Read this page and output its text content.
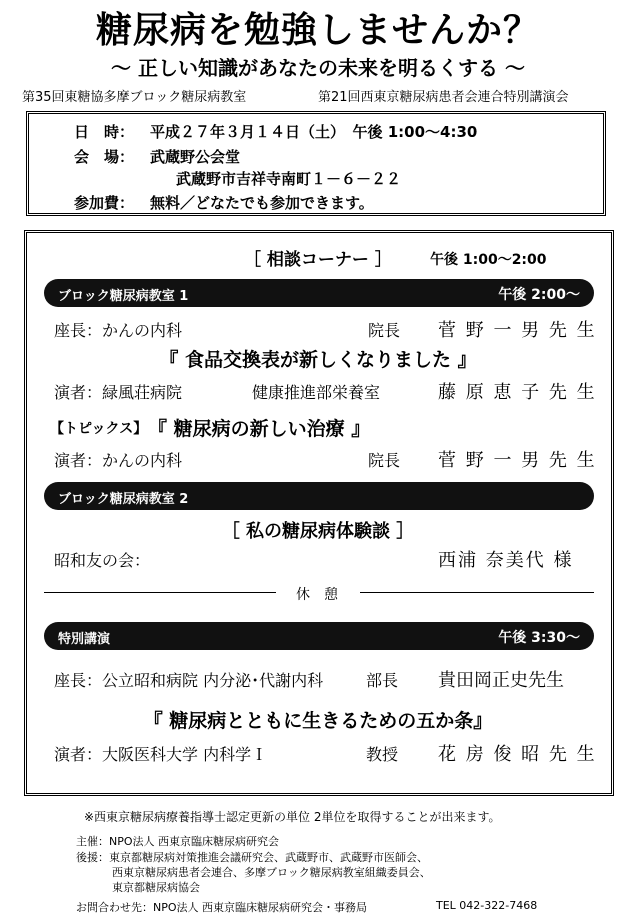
糖尿病を勉強しませんか？
～ 正しい知識があなたの未来を明るくする ～
第35回東糖協多摩ブロック糖尿病教室	第21回西東京糖尿病患者会連合特別講演会
日　時： 平成２７年３月１４日（土）　午後 1:00～4:30
会　場： 武蔵野公会堂
武蔵野市吉祥寺南町１－６－２２
参加費： 無料／どなたでも参加できます。
［ 相談コーナー ］	午後 1:00～2:00
ブロック糖尿病教室 1	午後 2:00～
座長：かんの内科	院長 菅 野 一 男 先 生
『 食品交換表が新しくなりました 』
演者：緑風荘病院	健康推進部栄養室	藤 原 恵 子 先 生
【トピックス】 『 糖尿病の新しい治療 』
演者：かんの内科	院長 菅 野 一 男 先 生
ブロック糖尿病教室 2
［ 私の糖尿病体験談 ］
昭和友の会：	西浦 奈美代 様
休　憩
特別講演	午後 3:30～
座長：公立昭和病院 内分泌･代謝内科	部長 貴田岡正史先生
『 糖尿病とともに生きるための五か条』
演者：大阪医科大学 内科学Ｉ	教授 花 房 俊 昭 先 生
※西東京糖尿病療養指導士認定更新の単位 2単位を取得することが出来ます。
主催：NPO法人 西東京臨床糖尿病研究会
後援：東京都糖尿病対策推進会議研究会、武蔵野市、武蔵野市医師会、
西東京糖尿病患者会連合、多摩ブロック糖尿病教室組織委員会、
東京都糖尿病協会
お問合わせ先：NPO法人 西東京臨床糖尿病研究会・事務局	TEL 042-322-7468
